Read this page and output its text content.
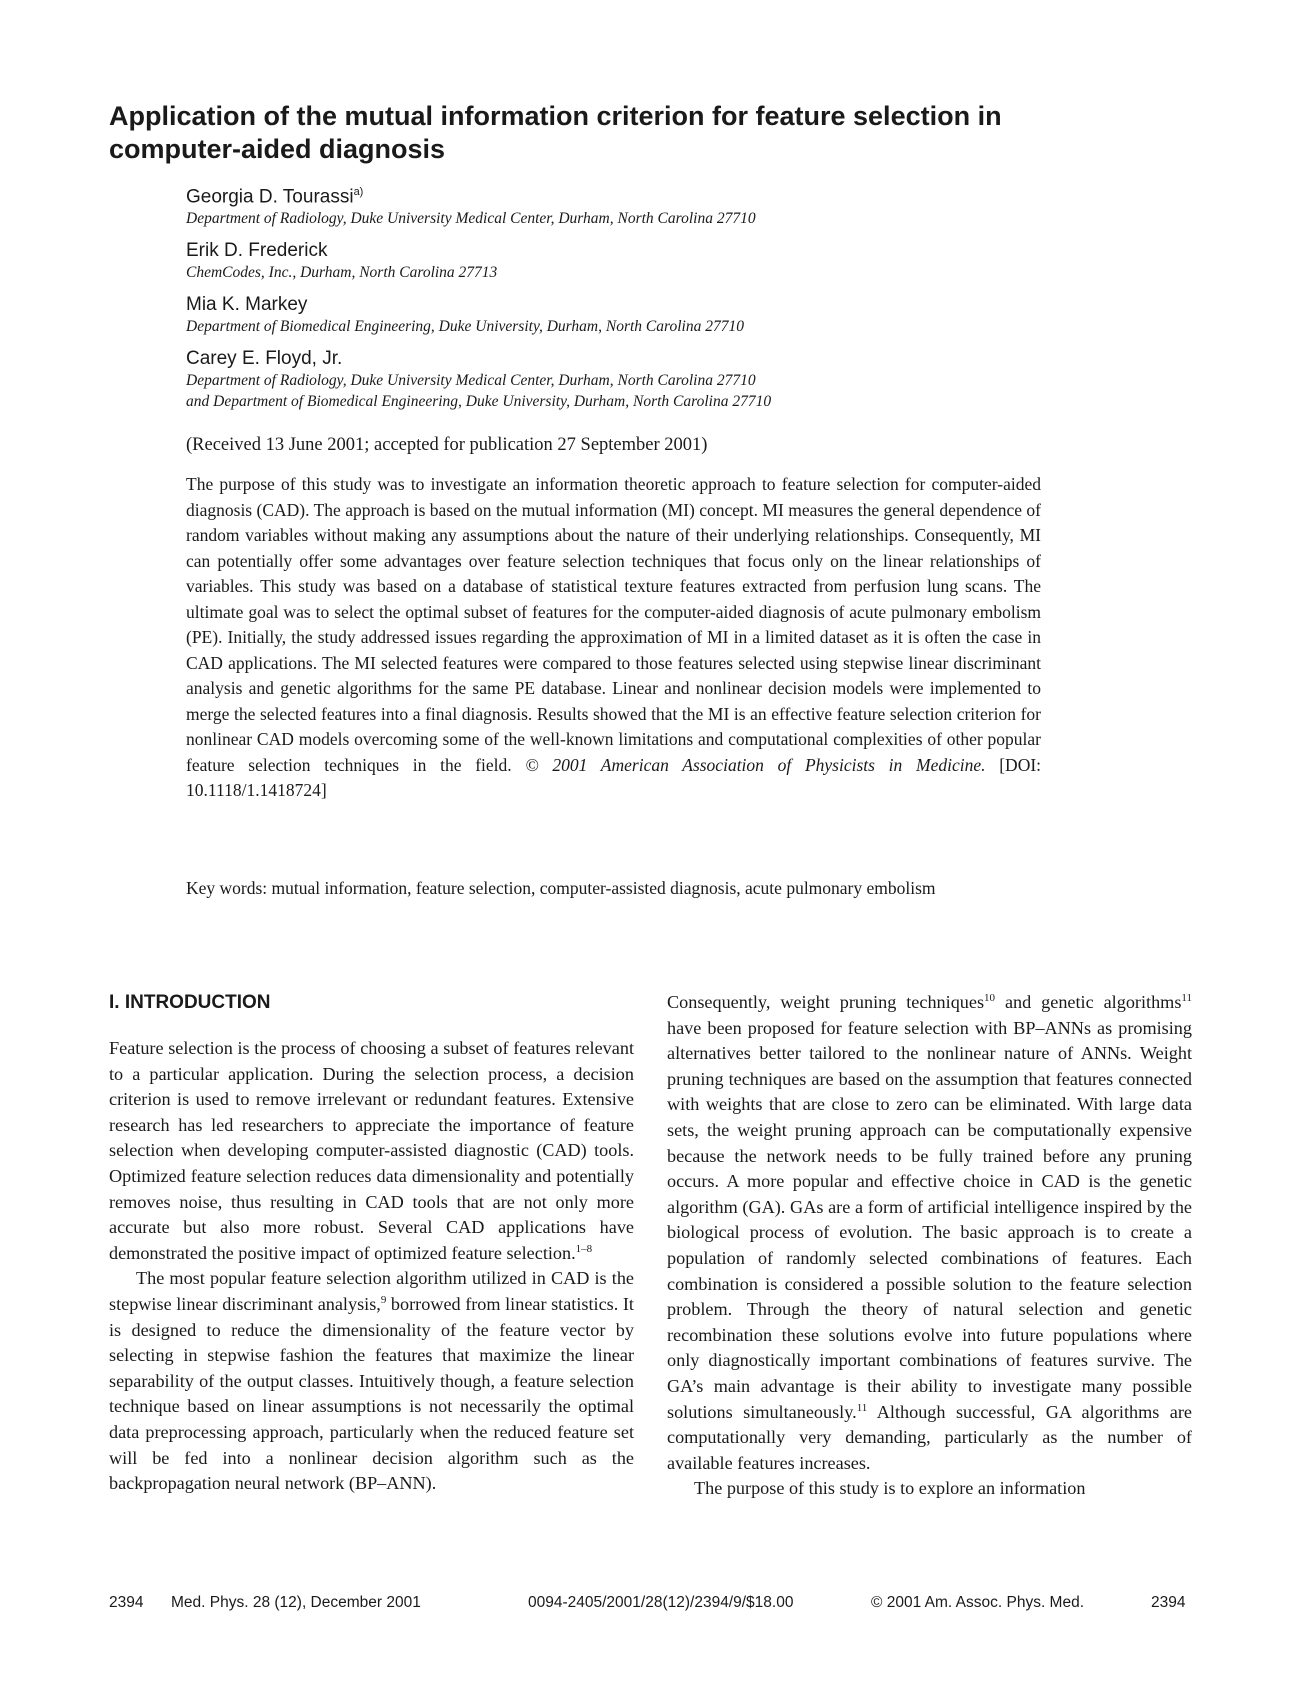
Application of the mutual information criterion for feature selection in computer-aided diagnosis
Georgia D. Tourassi$^{a)}$
Department of Radiology, Duke University Medical Center, Durham, North Carolina 27710
Erik D. Frederick
ChemCodes, Inc., Durham, North Carolina 27713
Mia K. Markey
Department of Biomedical Engineering, Duke University, Durham, North Carolina 27710
Carey E. Floyd, Jr.
Department of Radiology, Duke University Medical Center, Durham, North Carolina 27710
and Department of Biomedical Engineering, Duke University, Durham, North Carolina 27710
(Received 13 June 2001; accepted for publication 27 September 2001)

The purpose of this study was to investigate an information theoretic approach to feature selection for computer-aided diagnosis (CAD). The approach is based on the mutual information (MI) concept. MI measures the general dependence of random variables without making any assumptions about the nature of their underlying relationships. Consequently, MI can potentially offer some advantages over feature selection techniques that focus only on the linear relationships of variables. This study was based on a database of statistical texture features extracted from perfusion lung scans. The ultimate goal was to select the optimal subset of features for the computer-aided diagnosis of acute pulmonary embolism (PE). Initially, the study addressed issues regarding the approximation of MI in a limited dataset as it is often the case in CAD applications. The MI selected features were compared to those features selected using stepwise linear discriminant analysis and genetic algorithms for the same PE database. Linear and nonlinear decision models were implemented to merge the selected features into a final diagnosis. Results showed that the MI is an effective feature selection criterion for nonlinear CAD models overcoming some of the well-known limitations and computational complexities of other popular feature selection techniques in the field. © 2001 American Association of Physicists in Medicine. [DOI: 10.1118/1.1418724]

Key words: mutual information, feature selection, computer-assisted diagnosis, acute pulmonary embolism

I. INTRODUCTION

Feature selection is the process of choosing a subset of features relevant to a particular application. During the selection process, a decision criterion is used to remove irrelevant or redundant features. Extensive research has led researchers to appreciate the importance of feature selection when developing computer-assisted diagnostic (CAD) tools. Optimized feature selection reduces data dimensionality and potentially removes noise, thus resulting in CAD tools that are not only more accurate but also more robust. Several CAD applications have demonstrated the positive impact of optimized feature selection.$^{1-8}$

The most popular feature selection algorithm utilized in CAD is the stepwise linear discriminant analysis,$^9$ borrowed from linear statistics. It is designed to reduce the dimensionality of the feature vector by selecting in stepwise fashion the features that maximize the linear separability of the output classes. Intuitively though, a feature selection technique based on linear assumptions is not necessarily the optimal data preprocessing approach, particularly when the reduced feature set will be fed into a nonlinear decision algorithm such as the backpropagation neural network (BP–ANN).

Consequently, weight pruning techniques$^{10}$ and genetic algorithms$^{11}$ have been proposed for feature selection with BP–ANNs as promising alternatives better tailored to the nonlinear nature of ANNs. Weight pruning techniques are based on the assumption that features connected with weights that are close to zero can be eliminated. With large data sets, the weight pruning approach can be computationally expensive because the network needs to be fully trained before any pruning occurs. A more popular and effective choice in CAD is the genetic algorithm (GA). GAs are a form of artificial intelligence inspired by the biological process of evolution. The basic approach is to create a population of randomly selected combinations of features. Each combination is considered a possible solution to the feature selection problem. Through the theory of natural selection and genetic recombination these solutions evolve into future populations where only diagnostically important combinations of features survive. The GA’s main advantage is their ability to investigate many possible solutions simultaneously.$^{11}$ Although successful, GA algorithms are computationally very demanding, particularly as the number of available features increases.

The purpose of this study is to explore an information

2394 Med. Phys. 28 (12), December 2001	0094-2405/2001/28(12)/2394/9/$18.00	© 2001 Am. Assoc. Phys. Med.	2394
